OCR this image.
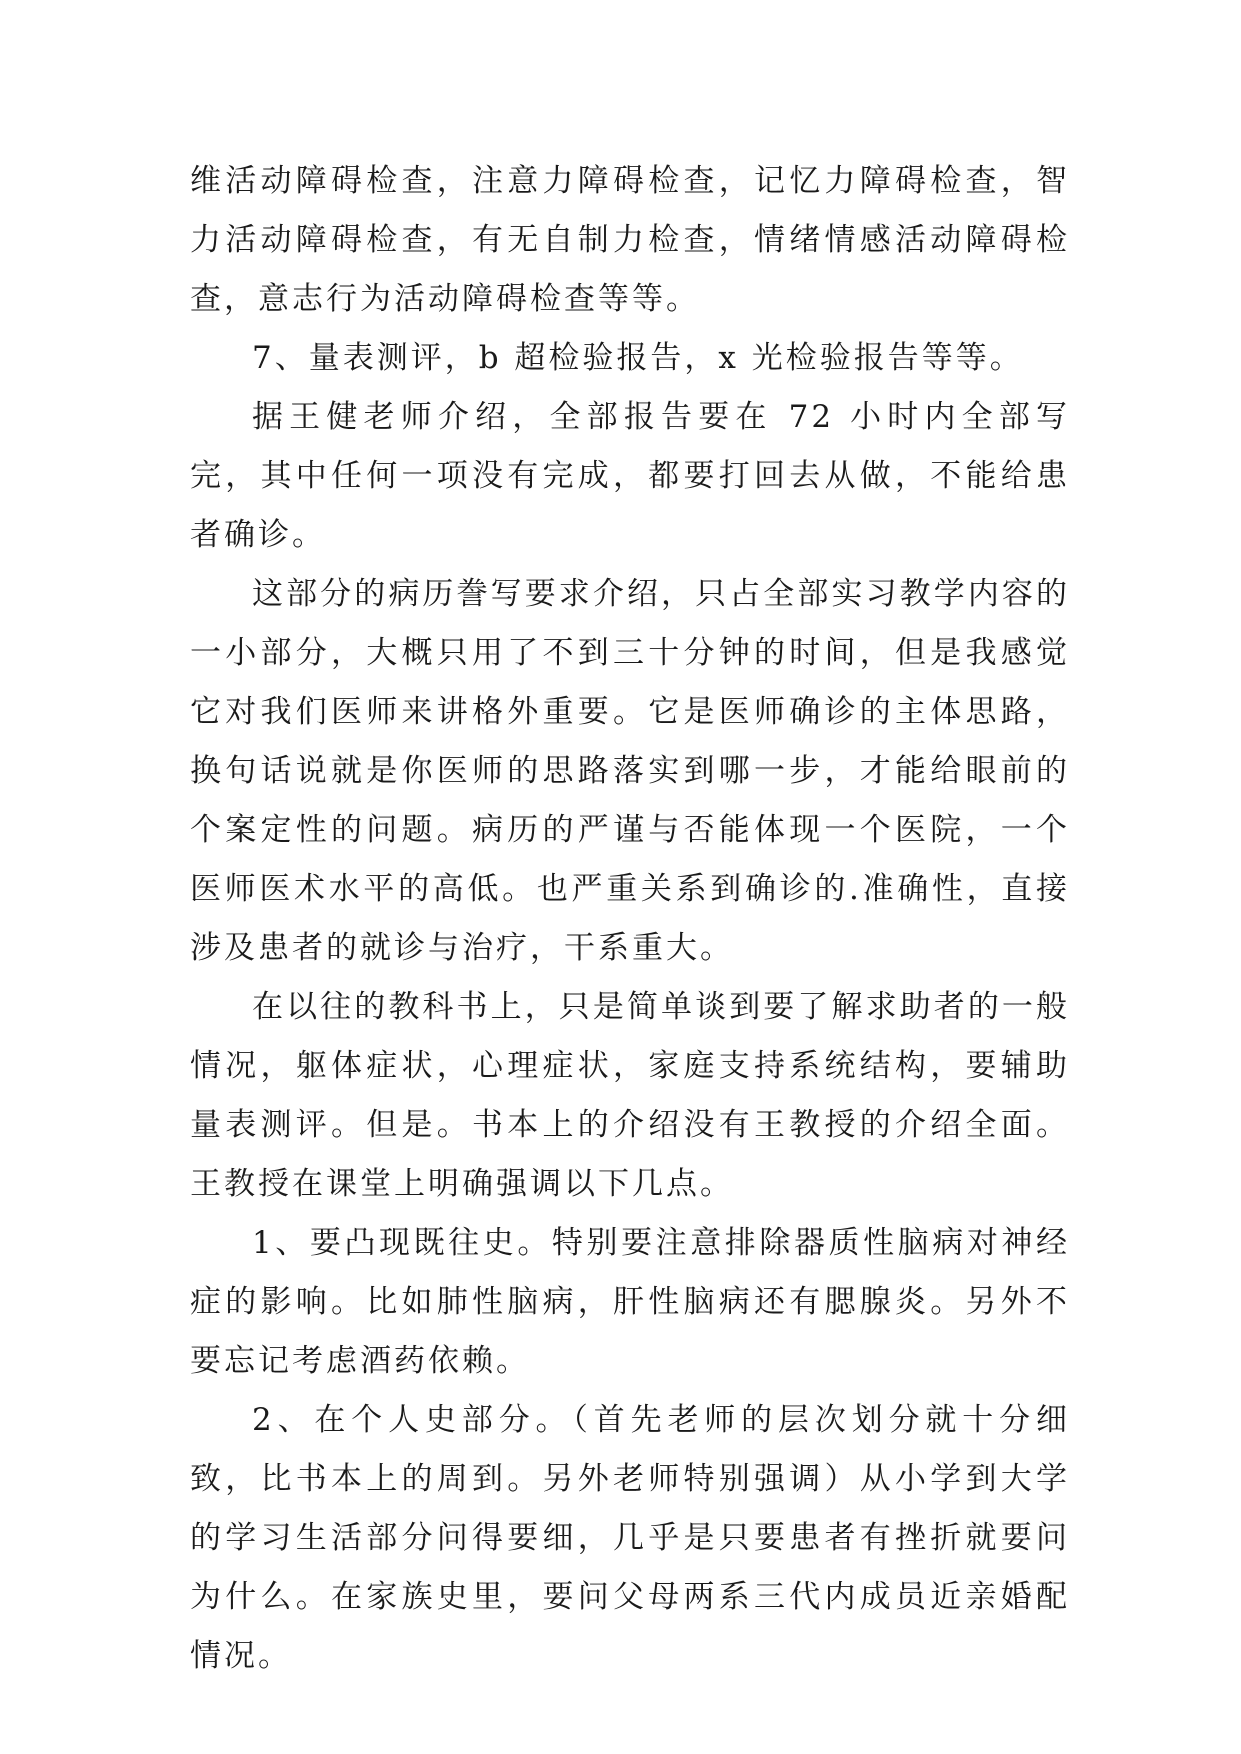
维活动障碍检查，注意力障碍检查，记忆力障碍检查，智力活动障碍检查，有无自制力检查，情绪情感活动障碍检查，意志行为活动障碍检查等等。

7、量表测评，b 超检验报告，x 光检验报告等等。

据王健老师介绍，全部报告要在 72 小时内全部写完，其中任何一项没有完成，都要打回去从做，不能给患者确诊。

这部分的病历誊写要求介绍，只占全部实习教学内容的一小部分，大概只用了不到三十分钟的时间，但是我感觉它对我们医师来讲格外重要。它是医师确诊的主体思路，换句话说就是你医师的思路落实到哪一步，才能给眼前的个案定性的问题。病历的严谨与否能体现一个医院，一个医师医术水平的高低。也严重关系到确诊的.准确性，直接涉及患者的就诊与治疗，干系重大。

在以往的教科书上，只是简单谈到要了解求助者的一般情况，躯体症状，心理症状，家庭支持系统结构，要辅助量表测评。但是。书本上的介绍没有王教授的介绍全面。王教授在课堂上明确强调以下几点。

1、要凸现既往史。特别要注意排除器质性脑病对神经症的影响。比如肺性脑病，肝性脑病还有腮腺炎。另外不要忘记考虑酒药依赖。

2、在个人史部分。（首先老师的层次划分就十分细致，比书本上的周到。另外老师特别强调）从小学到大学的学习生活部分问得要细，几乎是只要患者有挫折就要问为什么。在家族史里，要问父母两系三代内成员近亲婚配情况。
